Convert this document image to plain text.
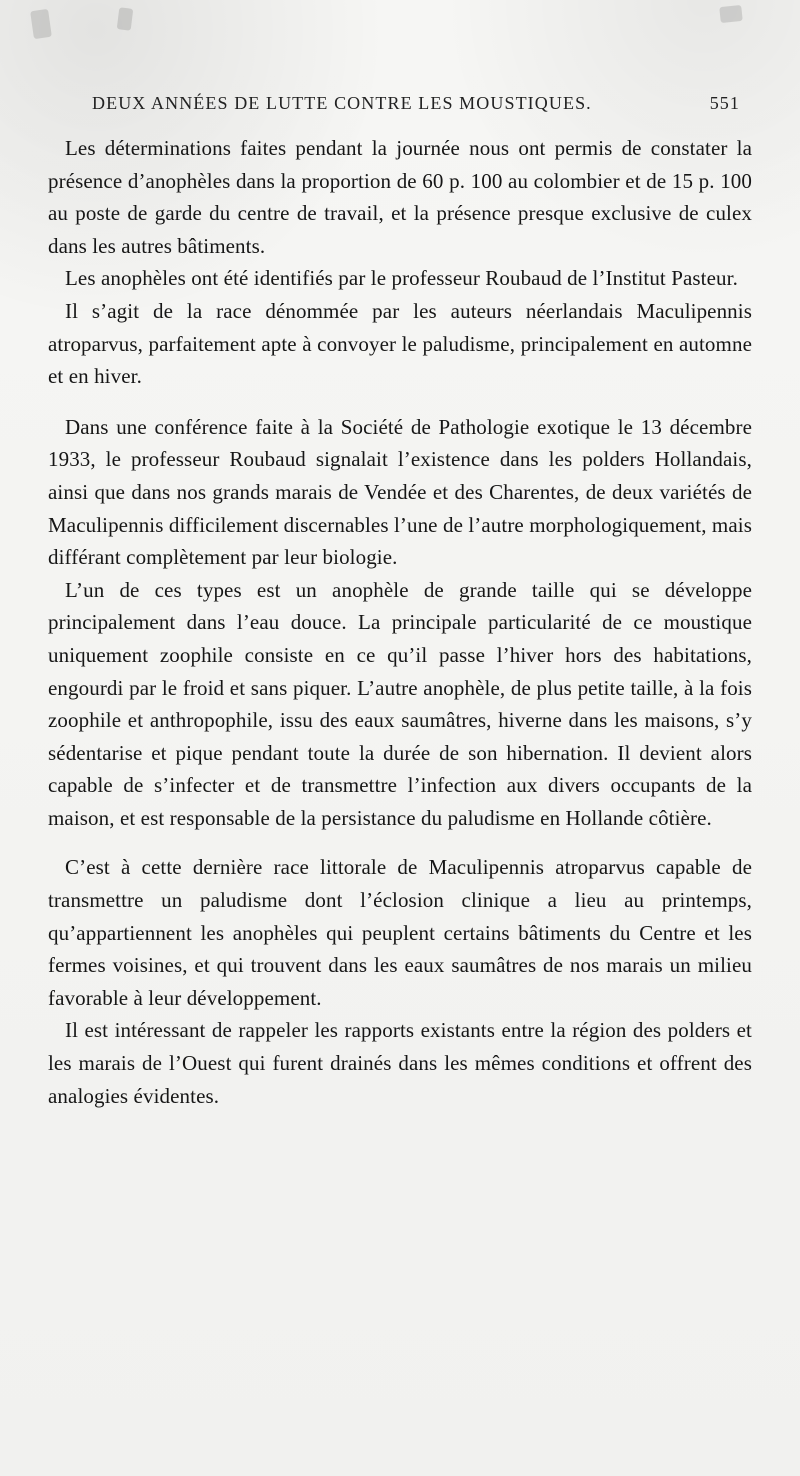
DEUX ANNÉES DE LUTTE CONTRE LES MOUSTIQUES.	551

Les déterminations faites pendant la journée nous ont permis de constater la présence d’anophèles dans la proportion de 60 p. 100 au colombier et de 15 p. 100 au poste de garde du centre de travail, et la présence presque exclusive de culex dans les autres bâtiments.

Les anophèles ont été identifiés par le professeur Roubaud de l’Institut Pasteur.

Il s’agit de la race dénommée par les auteurs néerlandais Maculipennis atroparvus, parfaitement apte à convoyer le paludisme, principalement en automne et en hiver.

Dans une conférence faite à la Société de Pathologie exotique le 13 décembre 1933, le professeur Roubaud signalait l’existence dans les polders Hollandais, ainsi que dans nos grands marais de Vendée et des Charentes, de deux variétés de Maculipennis difficilement discernables l’une de l’autre morphologiquement, mais différant complètement par leur biologie.

L’un de ces types est un anophèle de grande taille qui se développe principalement dans l’eau douce. La principale particularité de ce moustique uniquement zoophile consiste en ce qu’il passe l’hiver hors des habitations, engourdi par le froid et sans piquer. L’autre anophèle, de plus petite taille, à la fois zoophile et anthropophile, issu des eaux saumâtres, hiverne dans les maisons, s’y sédentarise et pique pendant toute la durée de son hibernation. Il devient alors capable de s’infecter et de transmettre l’infection aux divers occupants de la maison, et est responsable de la persistance du paludisme en Hollande côtière.

C’est à cette dernière race littorale de Maculipennis atroparvus capable de transmettre un paludisme dont l’éclosion clinique a lieu au printemps, qu’appartiennent les anophèles qui peuplent certains bâtiments du Centre et les fermes voisines, et qui trouvent dans les eaux saumâtres de nos marais un milieu favorable à leur développement.

Il est intéressant de rappeler les rapports existants entre la région des polders et les marais de l’Ouest qui furent drainés dans les mêmes conditions et offrent des analogies évidentes.
